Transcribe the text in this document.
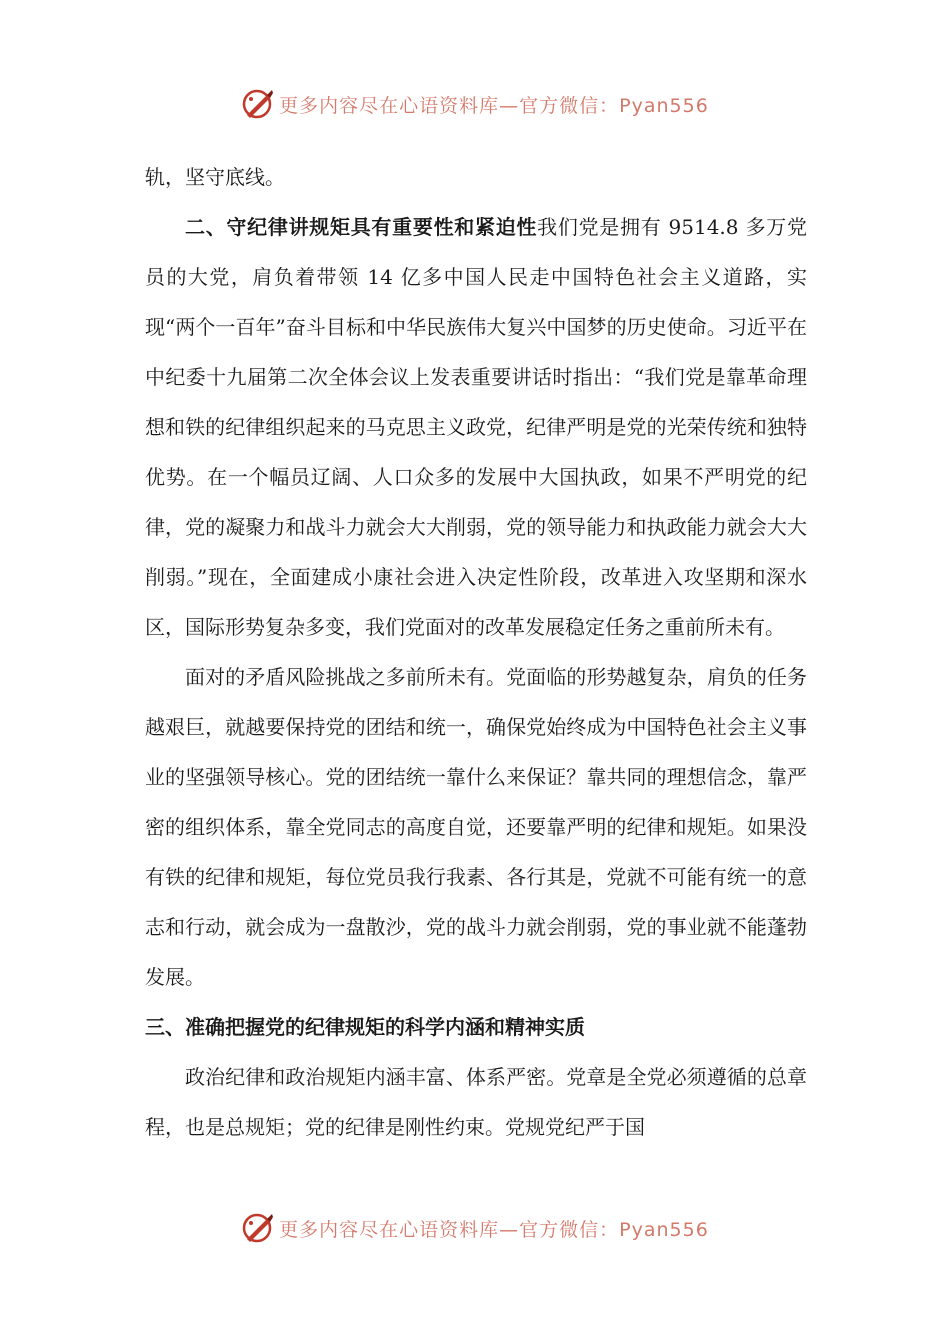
更多内容尽在心语资料库—官方微信：Pyan556

轨，坚守底线。

二、守纪律讲规矩具有重要性和紧迫性我们党是拥有 9514.8 多万党员的大党，肩负着带领 14 亿多中国人民走中国特色社会主义道路，实现“两个一百年”奋斗目标和中华民族伟大复兴中国梦的历史使命。习近平在中纪委十九届第二次全体会议上发表重要讲话时指出：“我们党是靠革命理想和铁的纪律组织起来的马克思主义政党，纪律严明是党的光荣传统和独特优势。在一个幅员辽阔、人口众多的发展中大国执政，如果不严明党的纪律，党的凝聚力和战斗力就会大大削弱，党的领导能力和执政能力就会大大削弱。”现在，全面建成小康社会进入决定性阶段，改革进入攻坚期和深水区，国际形势复杂多变，我们党面对的改革发展稳定任务之重前所未有。

面对的矛盾风险挑战之多前所未有。党面临的形势越复杂，肩负的任务越艰巨，就越要保持党的团结和统一，确保党始终成为中国特色社会主义事业的坚强领导核心。党的团结统一靠什么来保证？靠共同的理想信念，靠严密的组织体系，靠全党同志的高度自觉，还要靠严明的纪律和规矩。如果没有铁的纪律和规矩，每位党员我行我素、各行其是，党就不可能有统一的意志和行动，就会成为一盘散沙，党的战斗力就会削弱，党的事业就不能蓬勃发展。

三、准确把握党的纪律规矩的科学内涵和精神实质

政治纪律和政治规矩内涵丰富、体系严密。党章是全党必须遵循的总章程，也是总规矩；党的纪律是刚性约束。党规党纪严于国

更多内容尽在心语资料库—官方微信：Pyan556
